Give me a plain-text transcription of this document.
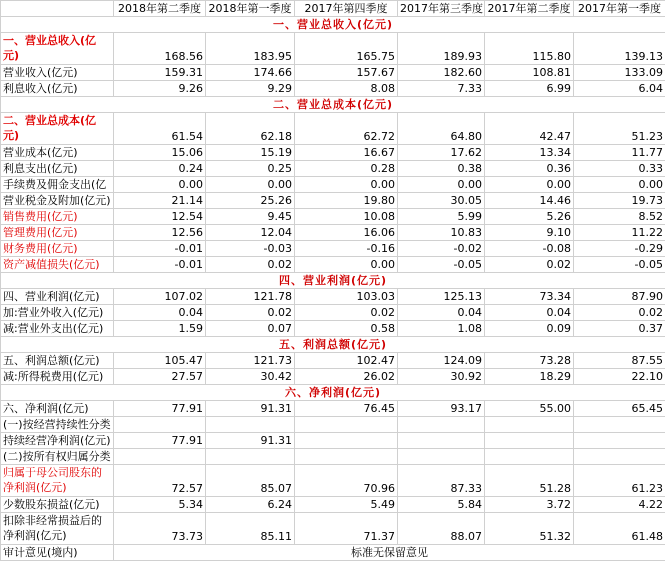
	2018年第二季度	2018年第一季度	2017年第四季度	2017年第三季度	2017年第二季度	2017年第一季度
一、营业总收入(亿元)						
一、营业总收入(亿元)	168.56	183.95	165.75	189.93	115.80	139.13
营业收入(亿元)	159.31	174.66	157.67	182.60	108.81	133.09
利息收入(亿元)	9.26	9.29	8.08	7.33	6.99	6.04
二、营业总成本(亿元)						
二、营业总成本(亿元)	61.54	62.18	62.72	64.80	42.47	51.23
营业成本(亿元)	15.06	15.19	16.67	17.62	13.34	11.77
利息支出(亿元)	0.24	0.25	0.28	0.38	0.36	0.33
手续费及佣金支出(亿	0.00	0.00	0.00	0.00	0.00	0.00
营业税金及附加(亿元)	21.14	25.26	19.80	30.05	14.46	19.73
销售费用(亿元)	12.54	9.45	10.08	5.99	5.26	8.52
管理费用(亿元)	12.56	12.04	16.06	10.83	9.10	11.22
财务费用(亿元)	-0.01	-0.03	-0.16	-0.02	-0.08	-0.29
资产减值损失(亿元)	-0.01	0.02	0.00	-0.05	0.02	-0.05
四、营业利润(亿元)						
四、营业利润(亿元)	107.02	121.78	103.03	125.13	73.34	87.90
加:营业外收入(亿元)	0.04	0.02	0.02	0.04	0.04	0.02
减:营业外支出(亿元)	1.59	0.07	0.58	1.08	0.09	0.37
五、利润总额(亿元)						
五、利润总额(亿元)	105.47	121.73	102.47	124.09	73.28	87.55
减:所得税费用(亿元)	27.57	30.42	26.02	30.92	18.29	22.10
六、净利润(亿元)						
六、净利润(亿元)	77.91	91.31	76.45	93.17	55.00	65.45
(一)按经营持续性分类						
持续经营净利润(亿元)	77.91	91.31				
(二)按所有权归属分类						
归属于母公司股东的净利润(亿元)	72.57	85.07	70.96	87.33	51.28	61.23
少数股东损益(亿元)	5.34	6.24	5.49	5.84	3.72	4.22
扣除非经常损益后的净利润(亿元)	73.73	85.11	71.37	88.07	51.32	61.48
审计意见(境内)	标准无保留意见					
